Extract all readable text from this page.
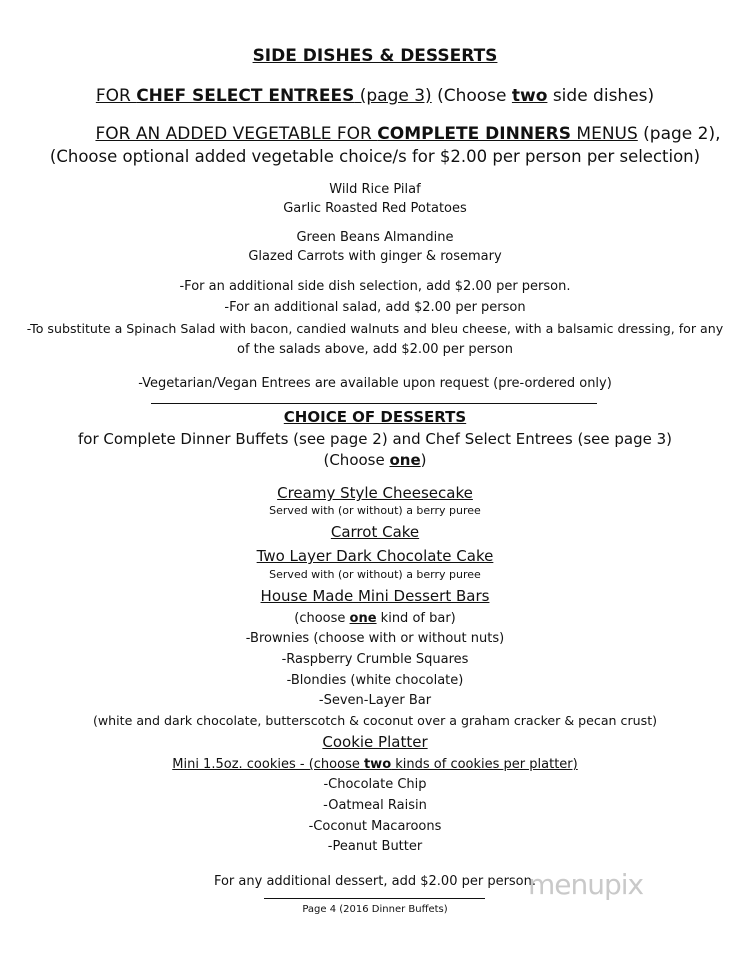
SIDE DISHES & DESSERTS
FOR CHEF SELECT ENTREES (page 3) (Choose two side dishes)
FOR AN ADDED VEGETABLE FOR COMPLETE DINNERS MENUS (page 2),
(Choose optional added vegetable choice/s for $2.00 per person per selection)
Wild Rice Pilaf
Garlic Roasted Red Potatoes
Green Beans Almandine
Glazed Carrots with ginger & rosemary
-For an additional side dish selection, add $2.00 per person.
-For an additional salad, add $2.00 per person
-To substitute a Spinach Salad with bacon, candied walnuts and bleu cheese, with a balsamic dressing, for any
of the salads above, add $2.00 per person
-Vegetarian/Vegan Entrees are available upon request (pre-ordered only)
CHOICE OF DESSERTS
for Complete Dinner Buffets (see page 2) and Chef Select Entrees (see page 3)
(Choose one)
Creamy Style Cheesecake
Served with (or without) a berry puree
Carrot Cake
Two Layer Dark Chocolate Cake
Served with (or without) a berry puree
House Made Mini Dessert Bars
(choose one kind of bar)
-Brownies (choose with or without nuts)
-Raspberry Crumble Squares
-Blondies (white chocolate)
-Seven-Layer Bar
(white and dark chocolate, butterscotch & coconut over a graham cracker & pecan crust)
Cookie Platter
Mini 1.5oz. cookies - (choose two kinds of cookies per platter)
-Chocolate Chip
-Oatmeal Raisin
-Coconut Macaroons
-Peanut Butter
For any additional dessert, add $2.00 per person.
Page 4 (2016 Dinner Buffets)
menupix
